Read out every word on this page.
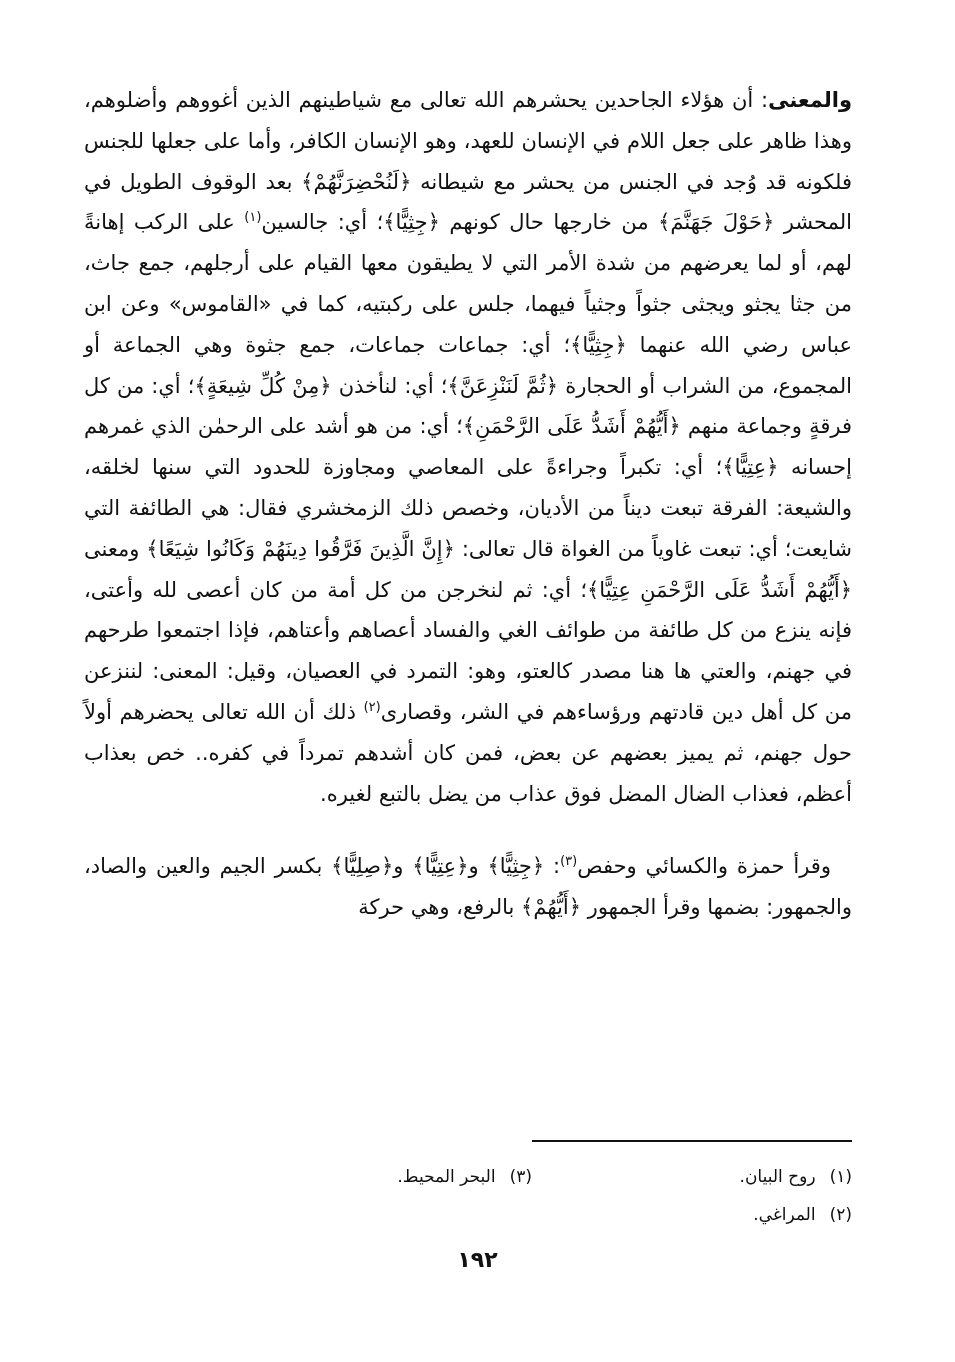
والمعنى: أن هؤلاء الجاحدين يحشرهم الله تعالى مع شياطينهم الذين أغووهم وأضلوهم، وهذا ظاهر على جعل اللام في الإنسان للعهد، وهو الإنسان الكافر، وأما على جعلها للجنس فلكونه قد وُجد في الجنس من يحشر مع شيطانه ﴿لَنُحْضِرَنَّهُمْ﴾ بعد الوقوف الطويل في المحشر ﴿حَوْلَ جَهَنَّمَ﴾ من خارجها حال كونهم ﴿جِثِيًّا﴾؛ أي: جالسين$^{(١)}$ على الركب إهانةً لهم، أو لما يعرضهم من شدة الأمر التي لا يطيقون معها القيام على أرجلهم، جمع جاث، من جثا يجثو ويجثى جثواً وجثياً فيهما، جلس على ركبتيه، كما في «القاموس» وعن ابن عباس رضي الله عنهما ﴿جِثِيًّا﴾؛ أي: جماعات جماعات، جمع جثوة وهي الجماعة أو المجموع، من الشراب أو الحجارة ﴿ثُمَّ لَنَنْزِعَنَّ﴾؛ أي: لنأخذن ﴿مِنْ كُلِّ شِيعَةٍ﴾؛ أي: من كل فرقةٍ وجماعة منهم ﴿أَيُّهُمْ أَشَدُّ عَلَى الرَّحْمَنِ﴾؛ أي: من هو أشد على الرحمٰن الذي غمرهم إحسانه ﴿عِتِيًّا﴾؛ أي: تكبراً وجراءةً على المعاصي ومجاوزة للحدود التي سنها لخلقه، والشيعة: الفرقة تبعت ديناً من الأديان، وخصص ذلك الزمخشري فقال: هي الطائفة التي شايعت؛ أي: تبعت غاوياً من الغواة قال تعالى: ﴿إِنَّ الَّذِينَ فَرَّقُوا دِينَهُمْ وَكَانُوا شِيَعًا﴾ ومعنى ﴿أَيُّهُمْ أَشَدُّ عَلَى الرَّحْمَنِ عِتِيًّا﴾؛ أي: ثم لنخرجن من كل أمة من كان أعصى لله وأعتى، فإنه ينزع من كل طائفة من طوائف الغي والفساد أعصاهم وأعتاهم، فإذا اجتمعوا طرحهم في جهنم، والعتي ها هنا مصدر كالعتو، وهو: التمرد في العصيان، وقيل: المعنى: لننزعن من كل أهل دين قادتهم ورؤساءهم في الشر، وقصارى$^{(٢)}$ ذلك أن الله تعالى يحضرهم أولاً حول جهنم، ثم يميز بعضهم عن بعض، فمن كان أشدهم تمرداً في كفره.. خص بعذاب أعظم، فعذاب الضال المضل فوق عذاب من يضل بالتبع لغيره.

 وقرأ حمزة والكسائي وحفص$^{(٣)}$: ﴿جِثِيًّا﴾ و﴿عِتِيًّا﴾ و﴿صِلِيًّا﴾ بكسر الجيم والعين والصاد، والجمهور: بضمها وقرأ الجمهور ﴿أَيُّهُمْ﴾ بالرفع، وهي حركة

(١)روح البيان.
(٣)البحر المحيط.
(٢)المراغي.
١٩٢
